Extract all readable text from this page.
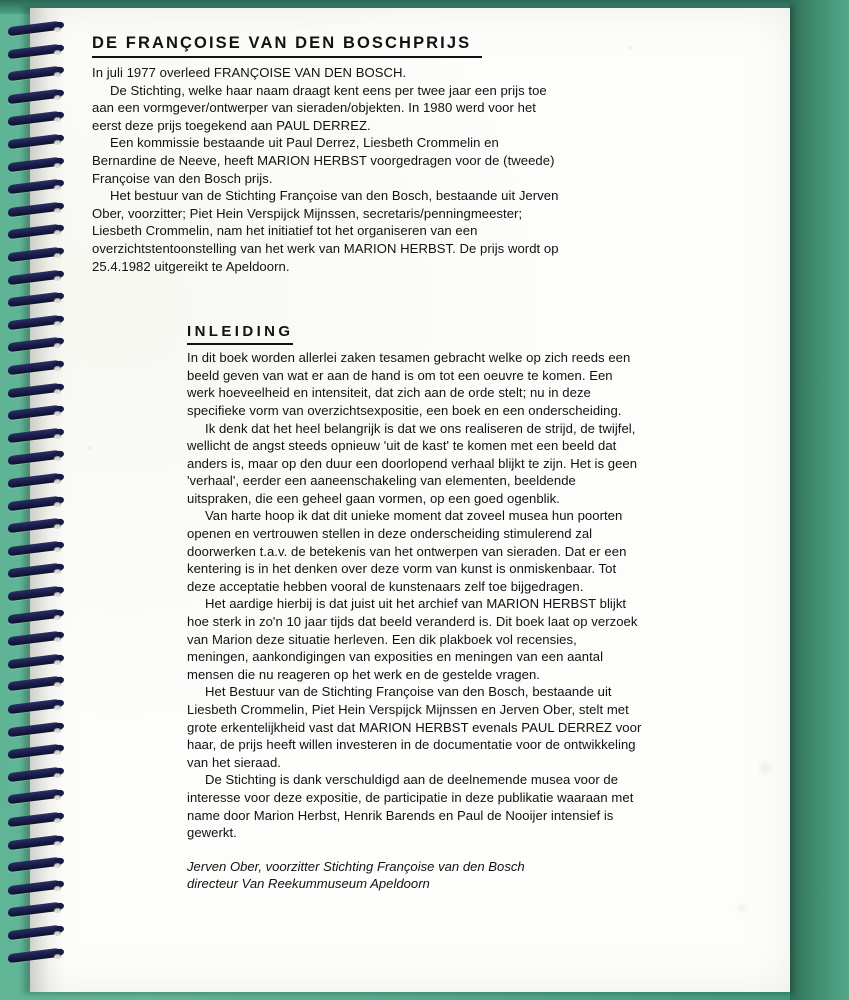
DE FRANÇOISE VAN DEN BOSCHPRIJS

In juli 1977 overleed FRANÇOISE VAN DEN BOSCH.

De Stichting, welke haar naam draagt kent eens per twee jaar een prijs toe aan een vormgever/ontwerper van sieraden/objekten. In 1980 werd voor het eerst deze prijs toegekend aan PAUL DERREZ.

Een kommissie bestaande uit Paul Derrez, Liesbeth Crommelin en Bernardine de Neeve, heeft MARION HERBST voorgedragen voor de (tweede) Françoise van den Bosch prijs.

Het bestuur van de Stichting Françoise van den Bosch, bestaande uit Jerven Ober, voorzitter; Piet Hein Verspijck Mijnssen, secretaris/penningmeester; Liesbeth Crommelin, nam het initiatief tot het organiseren van een overzichtstentoonstelling van het werk van MARION HERBST. De prijs wordt op 25.4.1982 uitgereikt te Apeldoorn.

INLEIDING

In dit boek worden allerlei zaken tesamen gebracht welke op zich reeds een beeld geven van wat er aan de hand is om tot een oeuvre te komen. Een werk hoeveelheid en intensiteit, dat zich aan de orde stelt; nu in deze specifieke vorm van overzichtsexpositie, een boek en een onderscheiding.

Ik denk dat het heel belangrijk is dat we ons realiseren de strijd, de twijfel, wellicht de angst steeds opnieuw 'uit de kast' te komen met een beeld dat anders is, maar op den duur een doorlopend verhaal blijkt te zijn. Het is geen 'verhaal', eerder een aaneenschakeling van elementen, beeldende uitspraken, die een geheel gaan vormen, op een goed ogenblik.

Van harte hoop ik dat dit unieke moment dat zoveel musea hun poorten openen en vertrouwen stellen in deze onderscheiding stimulerend zal doorwerken t.a.v. de betekenis van het ontwerpen van sieraden. Dat er een kentering is in het denken over deze vorm van kunst is onmiskenbaar. Tot deze acceptatie hebben vooral de kunstenaars zelf toe bijgedragen.

Het aardige hierbij is dat juist uit het archief van MARION HERBST blijkt hoe sterk in zo'n 10 jaar tijds dat beeld veranderd is. Dit boek laat op verzoek van Marion deze situatie herleven. Een dik plakboek vol recensies, meningen, aankondigingen van exposities en meningen van een aantal mensen die nu reageren op het werk en de gestelde vragen.

Het Bestuur van de Stichting Françoise van den Bosch, bestaande uit Liesbeth Crommelin, Piet Hein Verspijck Mijnssen en Jerven Ober, stelt met grote erkentelijkheid vast dat MARION HERBST evenals PAUL DERREZ voor haar, de prijs heeft willen investeren in de documentatie voor de ontwikkeling van het sieraad.

De Stichting is dank verschuldigd aan de deelnemende musea voor de interesse voor deze expositie, de participatie in deze publikatie waaraan met name door Marion Herbst, Henrik Barends en Paul de Nooijer intensief is gewerkt.

Jerven Ober, voorzitter Stichting Françoise van den Bosch
directeur Van Reekummuseum Apeldoorn
